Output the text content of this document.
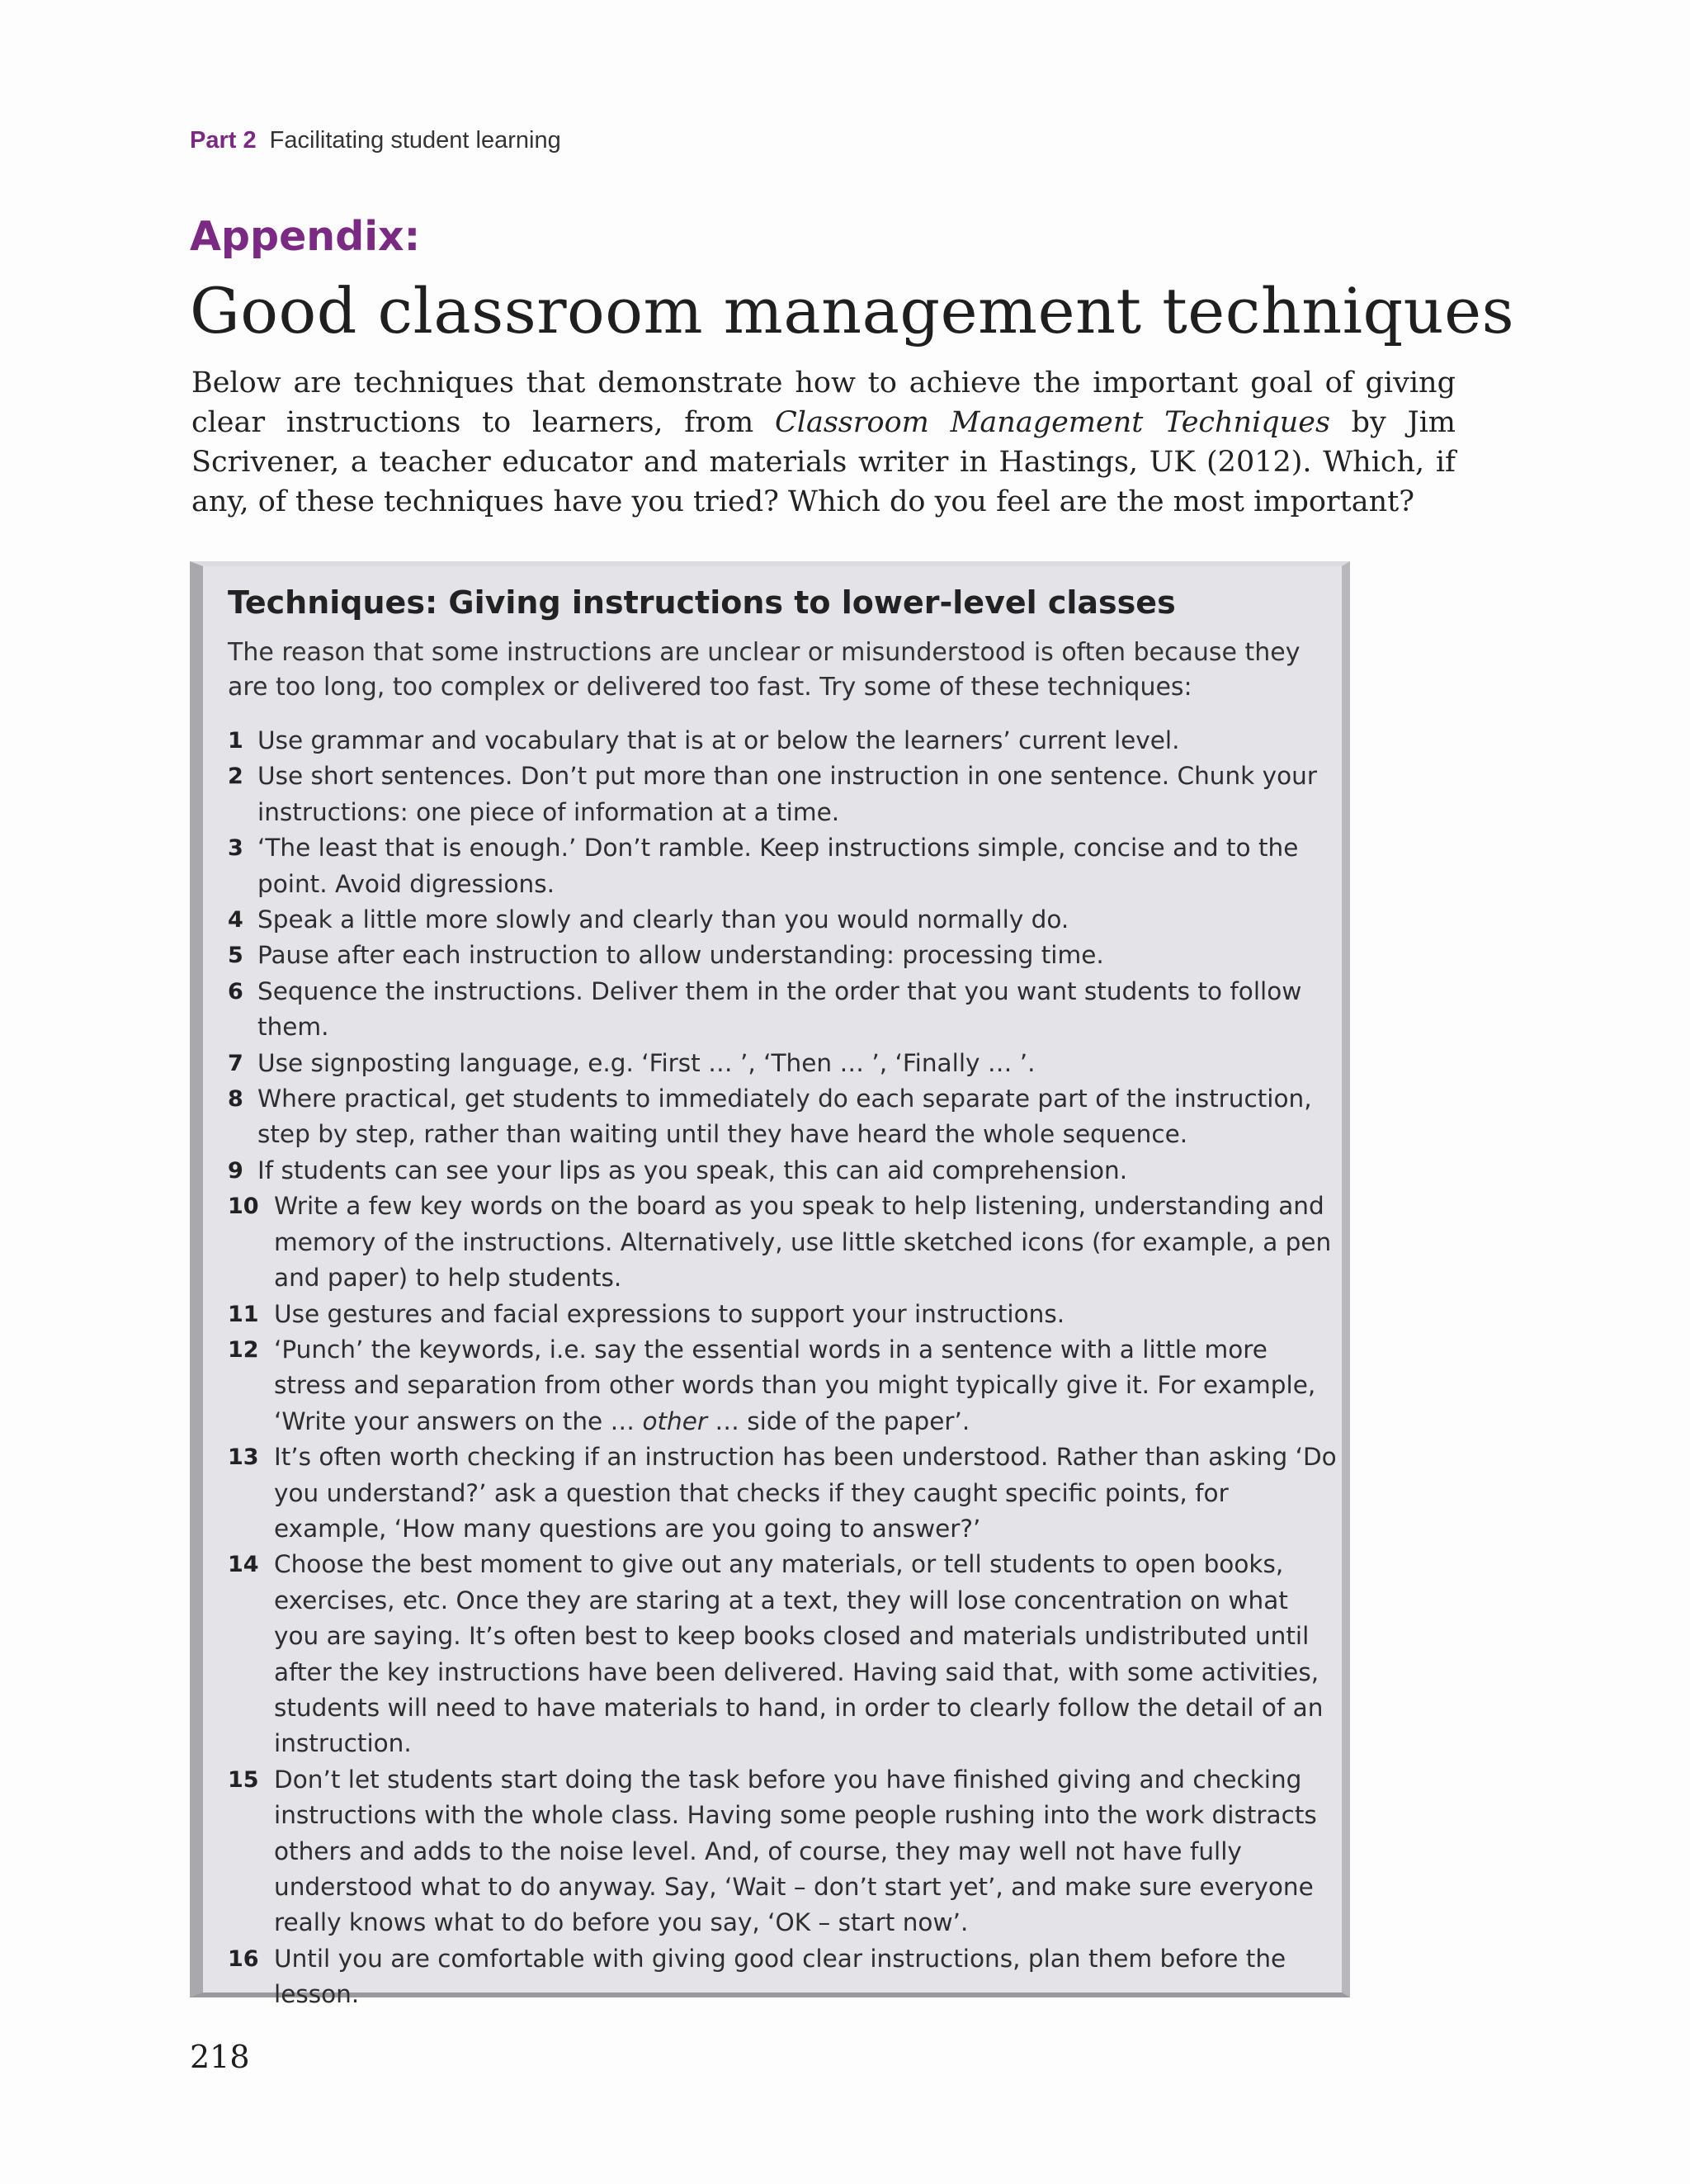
Part 2 Facilitating student learning
Appendix:
Good classroom management techniques

Below are techniques that demonstrate how to achieve the important goal of giving clear instructions to learners, from Classroom Management Techniques by Jim Scrivener, a teacher educator and materials writer in Hastings, UK (2012). Which, if any, of these techniques have you tried? Which do you feel are the most important?

Techniques: Giving instructions to lower-level classes

The reason that some instructions are unclear or misunderstood is often because they are too long, too complex or delivered too fast. Try some of these techniques:

1 Use grammar and vocabulary that is at or below the learners’ current level.
2 Use short sentences. Don’t put more than one instruction in one sentence. Chunk your instructions: one piece of information at a time.
3 ‘The least that is enough.’ Don’t ramble. Keep instructions simple, concise and to the point. Avoid digressions.
4 Speak a little more slowly and clearly than you would normally do.
5 Pause after each instruction to allow understanding: processing time.
6 Sequence the instructions. Deliver them in the order that you want students to follow them.
7 Use signposting language, e.g. ‘First … ’, ‘Then … ’, ‘Finally … ’.
8 Where practical, get students to immediately do each separate part of the instruction, step by step, rather than waiting until they have heard the whole sequence.
9 If students can see your lips as you speak, this can aid comprehension.
10 Write a few key words on the board as you speak to help listening, understanding and memory of the instructions. Alternatively, use little sketched icons (for example, a pen and paper) to help students.
11 Use gestures and facial expressions to support your instructions.
12 ‘Punch’ the keywords, i.e. say the essential words in a sentence with a little more stress and separation from other words than you might typically give it. For example, ‘Write your answers on the … other … side of the paper’.
13 It’s often worth checking if an instruction has been understood. Rather than asking ‘Do you understand?’ ask a question that checks if they caught specific points, for example, ‘How many questions are you going to answer?’
14 Choose the best moment to give out any materials, or tell students to open books, exercises, etc. Once they are staring at a text, they will lose concentration on what you are saying. It’s often best to keep books closed and materials undistributed until after the key instructions have been delivered. Having said that, with some activities, students will need to have materials to hand, in order to clearly follow the detail of an instruction.
15 Don’t let students start doing the task before you have finished giving and checking instructions with the whole class. Having some people rushing into the work distracts others and adds to the noise level. And, of course, they may well not have fully understood what to do anyway. Say, ‘Wait – don’t start yet’, and make sure everyone really knows what to do before you say, ‘OK – start now’.
16 Until you are comfortable with giving good clear instructions, plan them before the lesson.
218
